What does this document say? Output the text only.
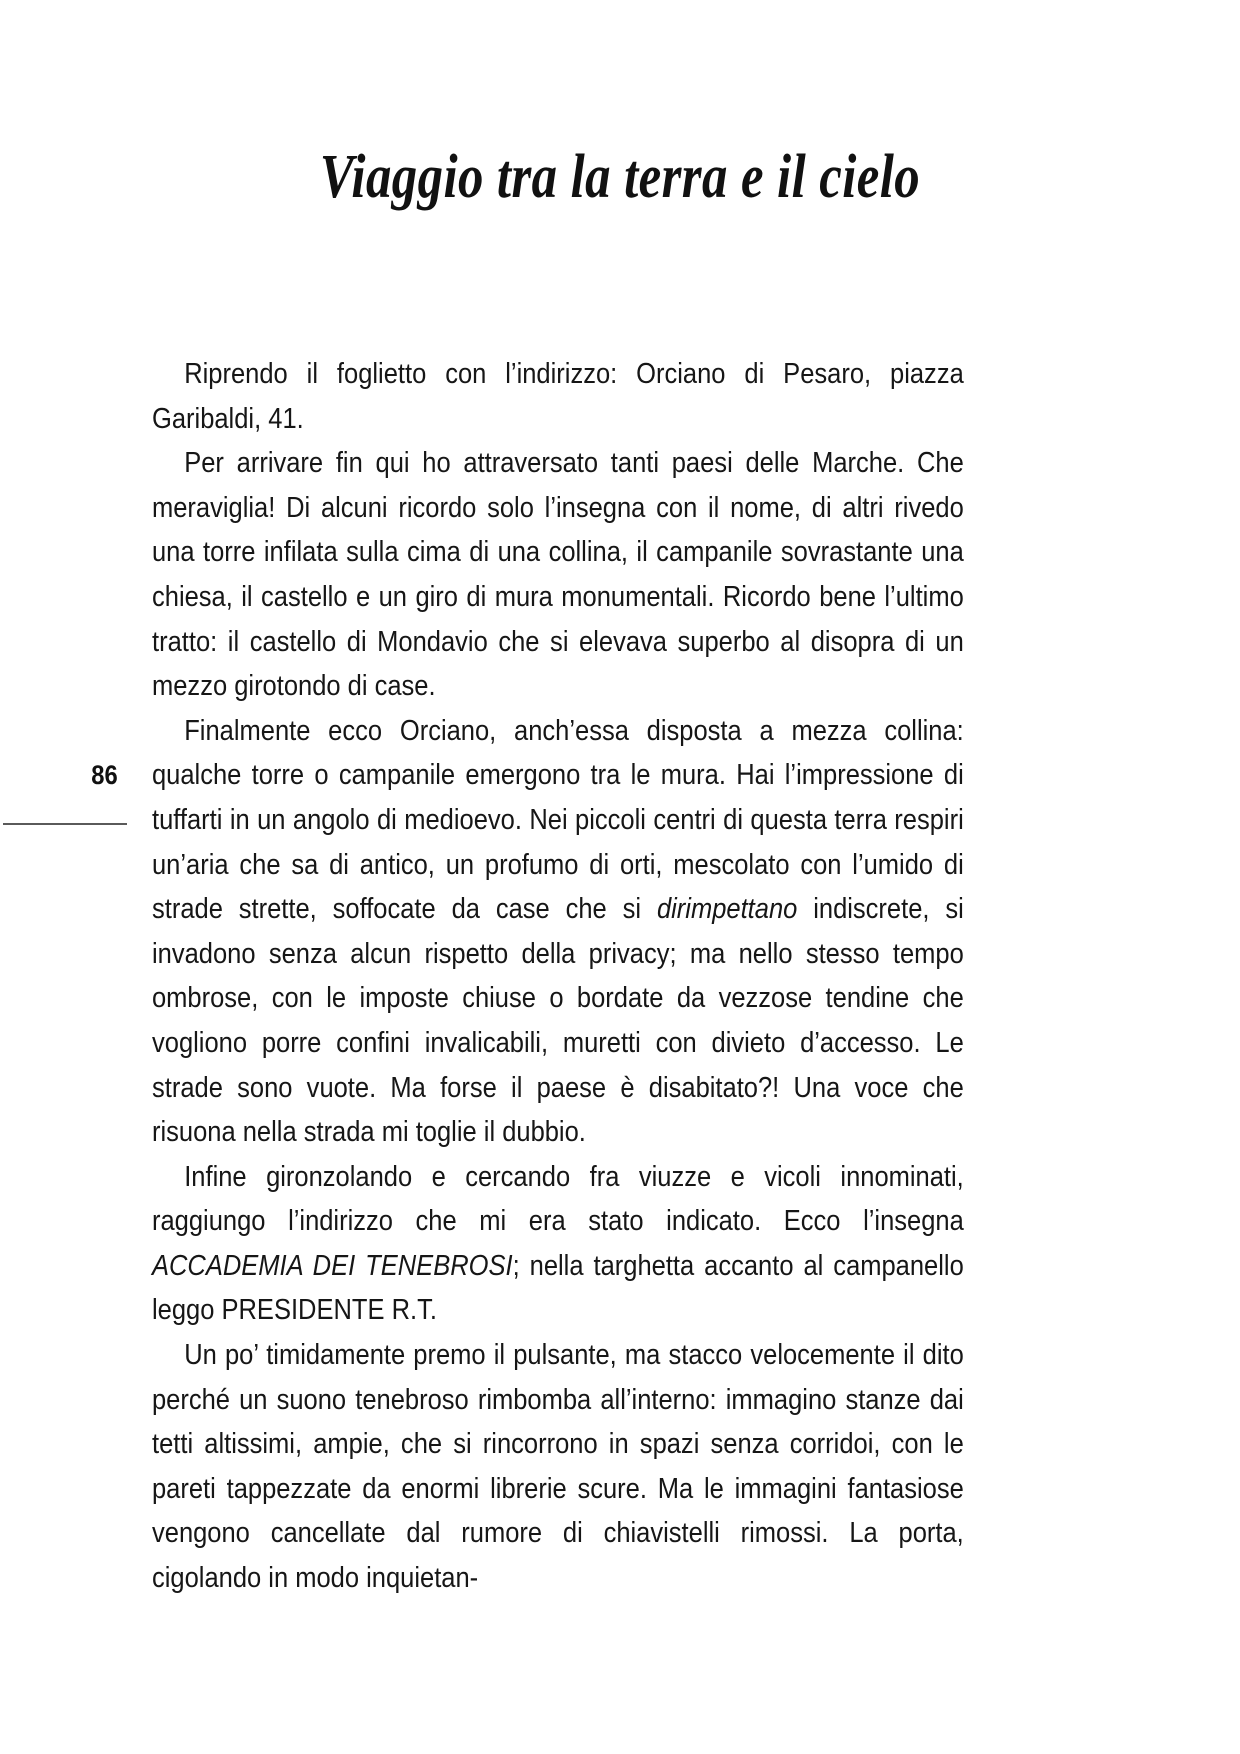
Viaggio tra la terra e il cielo
86

Riprendo il foglietto con l’indirizzo: Orciano di Pesaro, piazza Garibaldi, 41.

Per arrivare fin qui ho attraversato tanti paesi delle Marche. Che meraviglia! Di alcuni ricordo solo l’insegna con il nome, di altri rivedo una torre infilata sulla cima di una collina, il campanile sovrastante una chiesa, il castello e un giro di mura monumentali. Ricordo bene l’ultimo tratto: il castello di Mondavio che si elevava superbo al disopra di un mezzo girotondo di case.

Finalmente ecco Orciano, anch’essa disposta a mezza collina: qualche torre o campanile emergono tra le mura. Hai l’impressione di tuffarti in un angolo di medioevo. Nei piccoli centri di questa terra respiri un’aria che sa di antico, un profumo di orti, mescolato con l’umido di strade strette, soffocate da case che si dirimpettano indiscrete, si invadono senza alcun rispetto della privacy; ma nello stesso tempo ombrose, con le imposte chiuse o bordate da vezzose tendine che vogliono porre confini invalicabili, muretti con divieto d’accesso. Le strade sono vuote. Ma forse il paese è disabitato?! Una voce che risuona nella strada mi toglie il dubbio.

Infine gironzolando e cercando fra viuzze e vicoli innominati, raggiungo l’indirizzo che mi era stato indicato. Ecco l’insegna ACCADEMIA DEI TENEBROSI; nella targhetta accanto al campanello leggo PRESIDENTE R.T.

Un po’ timidamente premo il pulsante, ma stacco velocemente il dito perché un suono tenebroso rimbomba all’interno: immagino stanze dai tetti altissimi, ampie, che si rincorrono in spazi senza corridoi, con le pareti tappezzate da enormi librerie scure. Ma le immagini fantasiose vengono cancellate dal rumore di chiavistelli rimossi. La porta, cigolando in modo inquietan-
